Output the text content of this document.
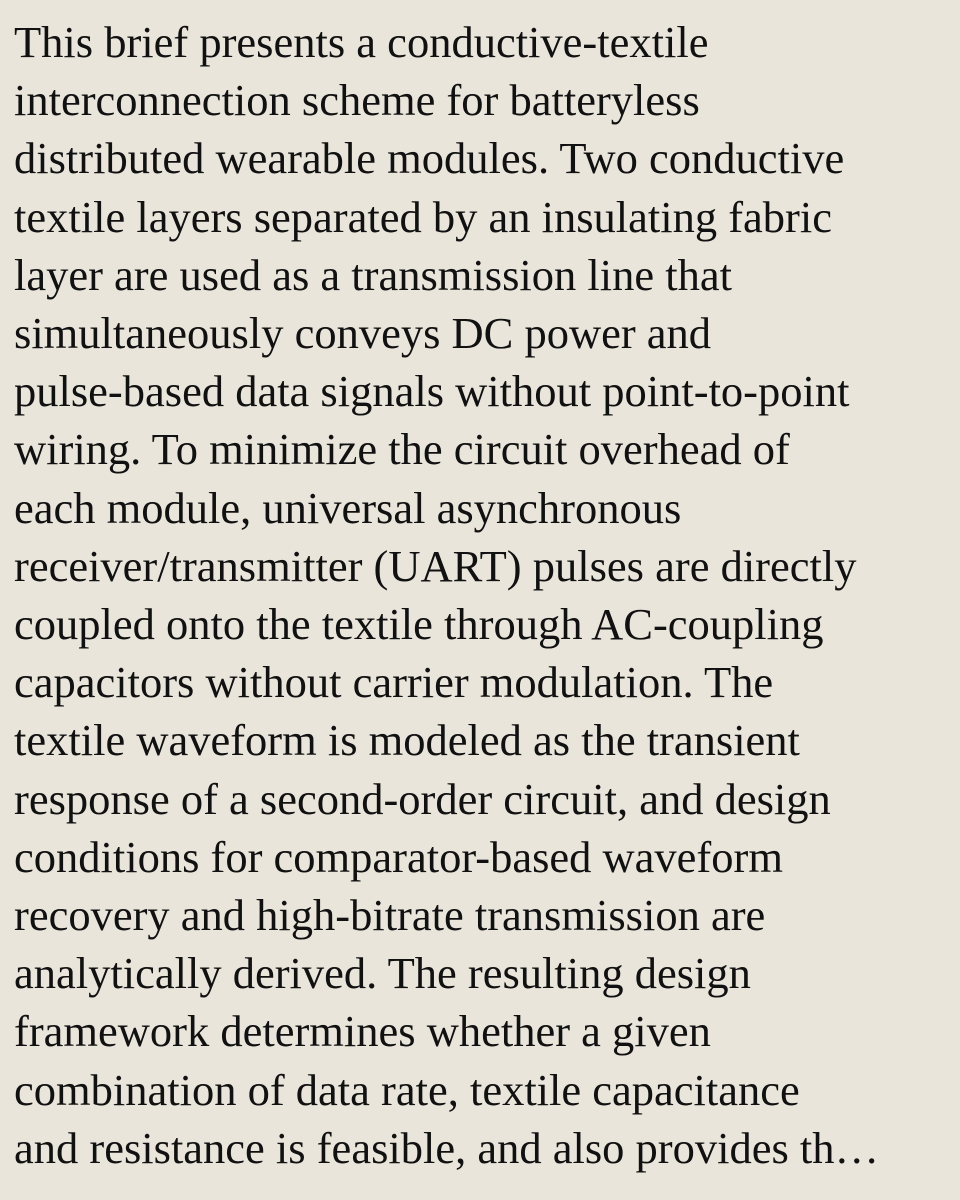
This brief presents a conductive-textile
interconnection scheme for batteryless
distributed wearable modules. Two conductive
textile layers separated by an insulating fabric
layer are used as a transmission line that
simultaneously conveys DC power and
pulse-based data signals without point-to-point
wiring. To minimize the circuit overhead of
each module, universal asynchronous
receiver/transmitter (UART) pulses are directly
coupled onto the textile through AC-coupling
capacitors without carrier modulation. The
textile waveform is modeled as the transient
response of a second-order circuit, and design
conditions for comparator-based waveform
recovery and high-bitrate transmission are
analytically derived. The resulting design
framework determines whether a given
combination of data rate, textile capacitance
and resistance is feasible, and also provides th…
